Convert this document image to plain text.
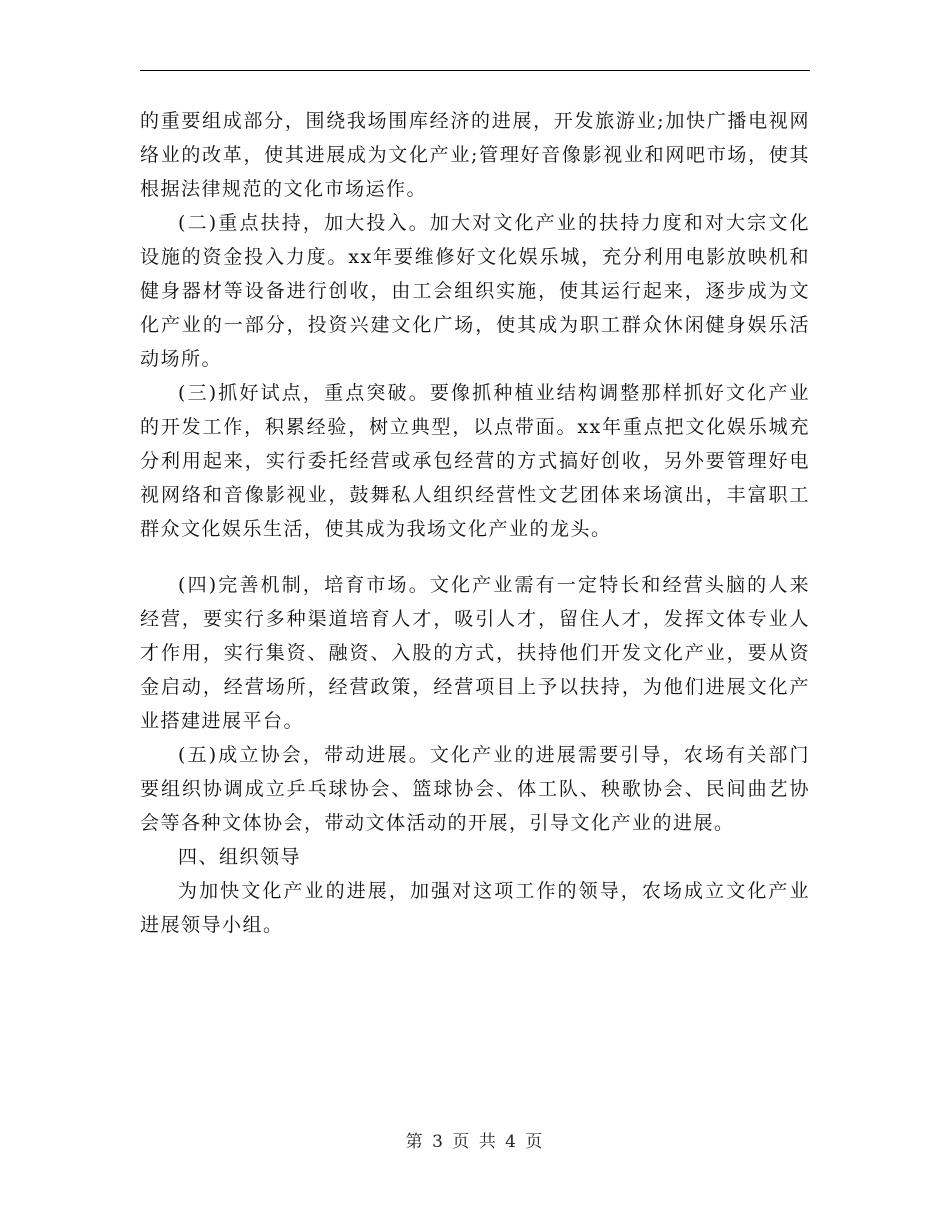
的重要组成部分，围绕我场围库经济的进展，开发旅游业;加快广播电视网络业的改革，使其进展成为文化产业;管理好音像影视业和网吧市场，使其根据法律规范的文化市场运作。

(二)重点扶持，加大投入。加大对文化产业的扶持力度和对大宗文化设施的资金投入力度。xx年要维修好文化娱乐城，充分利用电影放映机和健身器材等设备进行创收，由工会组织实施，使其运行起来，逐步成为文化产业的一部分，投资兴建文化广场，使其成为职工群众休闲健身娱乐活动场所。

(三)抓好试点，重点突破。要像抓种植业结构调整那样抓好文化产业的开发工作，积累经验，树立典型，以点带面。xx年重点把文化娱乐城充分利用起来，实行委托经营或承包经营的方式搞好创收，另外要管理好电视网络和音像影视业，鼓舞私人组织经营性文艺团体来场演出，丰富职工群众文化娱乐生活，使其成为我场文化产业的龙头。

(四)完善机制，培育市场。文化产业需有一定特长和经营头脑的人来经营，要实行多种渠道培育人才，吸引人才，留住人才，发挥文体专业人才作用，实行集资、融资、入股的方式，扶持他们开发文化产业，要从资金启动，经营场所，经营政策，经营项目上予以扶持，为他们进展文化产业搭建进展平台。

(五)成立协会，带动进展。文化产业的进展需要引导，农场有关部门要组织协调成立乒乓球协会、篮球协会、体工队、秧歌协会、民间曲艺协会等各种文体协会，带动文体活动的开展，引导文化产业的进展。

四、组织领导

为加快文化产业的进展，加强对这项工作的领导，农场成立文化产业进展领导小组。

第 3 页 共 4 页
